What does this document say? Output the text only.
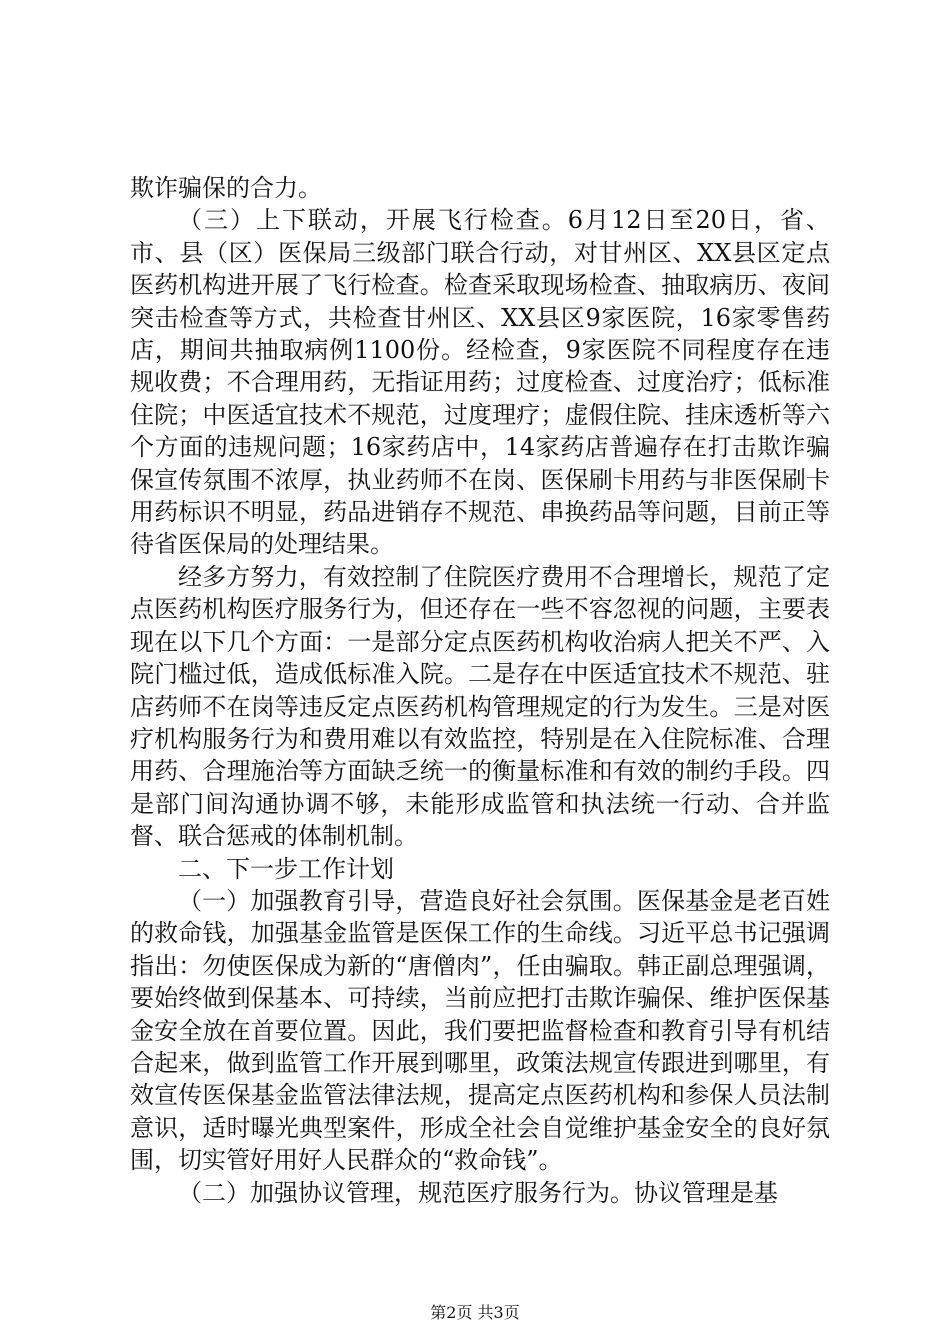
欺诈骗保的合力。

（三）上下联动，开展飞行检查。6月12日至20日，省、市、县（区）医保局三级部门联合行动，对甘州区、XX县区定点医药机构进开展了飞行检查。检查采取现场检查、抽取病历、夜间突击检查等方式，共检查甘州区、XX县区9家医院，16家零售药店，期间共抽取病例1100份。经检查，9家医院不同程度存在违规收费；不合理用药，无指证用药；过度检查、过度治疗；低标准住院；中医适宜技术不规范，过度理疗；虚假住院、挂床透析等六个方面的违规问题；16家药店中，14家药店普遍存在打击欺诈骗保宣传氛围不浓厚，执业药师不在岗、医保刷卡用药与非医保刷卡用药标识不明显，药品进销存不规范、串换药品等问题，目前正等待省医保局的处理结果。

经多方努力，有效控制了住院医疗费用不合理增长，规范了定点医药机构医疗服务行为，但还存在一些不容忽视的问题，主要表现在以下几个方面：一是部分定点医药机构收治病人把关不严、入院门槛过低，造成低标准入院。二是存在中医适宜技术不规范、驻店药师不在岗等违反定点医药机构管理规定的行为发生。三是对医疗机构服务行为和费用难以有效监控，特别是在入住院标准、合理用药、合理施治等方面缺乏统一的衡量标准和有效的制约手段。四是部门间沟通协调不够，未能形成监管和执法统一行动、合并监督、联合惩戒的体制机制。

二、下一步工作计划

（一）加强教育引导，营造良好社会氛围。医保基金是老百姓的救命钱，加强基金监管是医保工作的生命线。习近平总书记强调指出：勿使医保成为新的“唐僧肉”，任由骗取。韩正副总理强调，要始终做到保基本、可持续，当前应把打击欺诈骗保、维护医保基金安全放在首要位置。因此，我们要把监督检查和教育引导有机结合起来，做到监管工作开展到哪里，政策法规宣传跟进到哪里，有效宣传医保基金监管法律法规，提高定点医药机构和参保人员法制意识，适时曝光典型案件，形成全社会自觉维护基金安全的良好氛围，切实管好用好人民群众的“救命钱”。

（二）加强协议管理，规范医疗服务行为。协议管理是基

第2页 共3页
